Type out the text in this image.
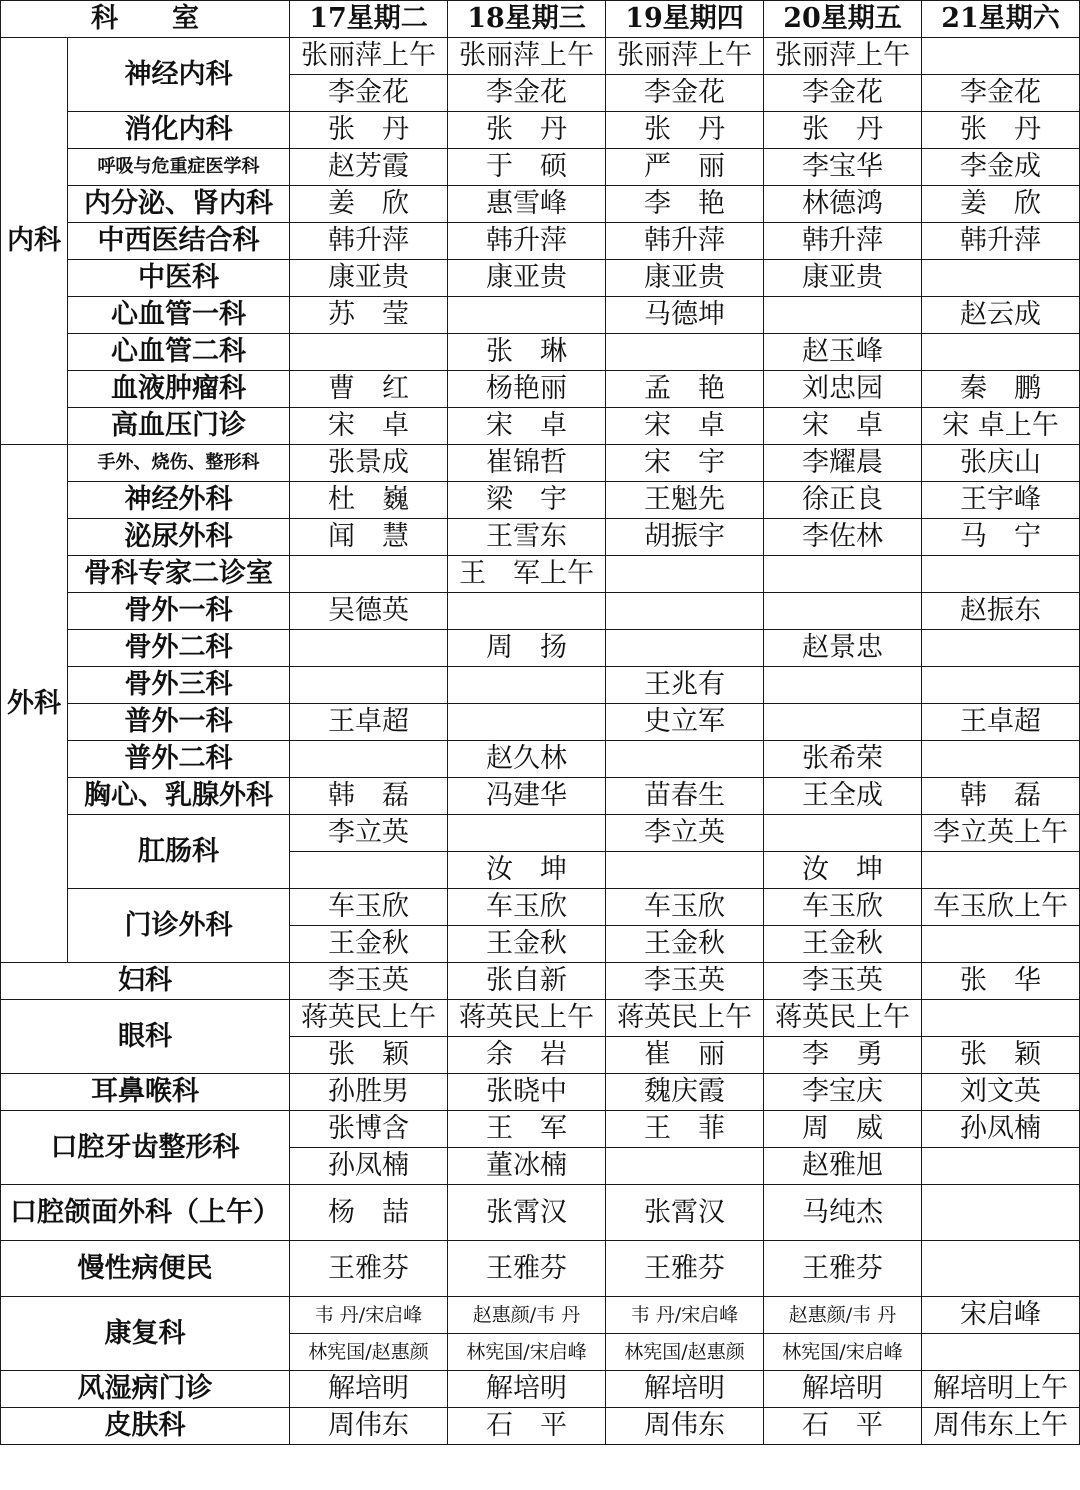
科　　室		17星期二	18星期三	19星期四	20星期五	21星期六
内科	神经内科	张丽萍上午	张丽萍上午	张丽萍上午	张丽萍上午	
		李金花	李金花	李金花	李金花	李金花
	消化内科	张　丹	张　丹	张　丹	张　丹	张　丹
	呼吸与危重症医学科	赵芳霞	于　硕	严　丽	李宝华	李金成
	内分泌、肾内科	姜　欣	惠雪峰	李　艳	林德鸿	姜　欣
	中西医结合科	韩升萍	韩升萍	韩升萍	韩升萍	韩升萍
	中医科	康亚贵	康亚贵	康亚贵	康亚贵	
	心血管一科	苏　莹		马德坤		赵云成
	心血管二科		张　琳		赵玉峰	
	血液肿瘤科	曹　红	杨艳丽	孟　艳	刘忠园	秦　鹏
	高血压门诊	宋　卓	宋　卓	宋　卓	宋　卓	宋 卓上午
外科	手外、烧伤、整形科	张景成	崔锦哲	宋　宇	李耀晨	张庆山
	神经外科	杜　巍	梁　宇	王魁先	徐正良	王宇峰
	泌尿外科	闻　慧	王雪东	胡振宇	李佐林	马　宁
	骨科专家二诊室		王　军上午			
	骨外一科	吴德英				赵振东
	骨外二科		周　扬		赵景忠	
	骨外三科			王兆有		
	普外一科	王卓超		史立军		王卓超
	普外二科		赵久林		张希荣	
	胸心、乳腺外科	韩　磊	冯建华	苗春生	王全成	韩　磊
	肛肠科	李立英		李立英		李立英上午
			汝　坤		汝　坤	
	门诊外科	车玉欣	车玉欣	车玉欣	车玉欣	车玉欣上午
		王金秋	王金秋	王金秋	王金秋	
妇科		李玉英	张自新	李玉英	李玉英	张　华
眼科		蒋英民上午	蒋英民上午	蒋英民上午	蒋英民上午	
		张　颖	余　岩	崔　丽	李　勇	张　颖
耳鼻喉科		孙胜男	张晓中	魏庆霞	李宝庆	刘文英
口腔牙齿整形科		张博含	王　军	王　菲	周　威	孙凤楠
		孙凤楠	董冰楠		赵雅旭	
口腔颌面外科（上午）		杨　喆	张霄汉	张霄汉	马纯杰	
慢性病便民		王雅芬	王雅芬	王雅芬	王雅芬	
康复科		韦 丹/宋启峰	赵惠颜/韦 丹	韦 丹/宋启峰	赵惠颜/韦 丹	宋启峰
		林宪国/赵惠颜	林宪国/宋启峰	林宪国/赵惠颜	林宪国/宋启峰	
风湿病门诊		解培明	解培明	解培明	解培明	解培明上午
皮肤科		周伟东	石　平	周伟东	石　平	周伟东上午
